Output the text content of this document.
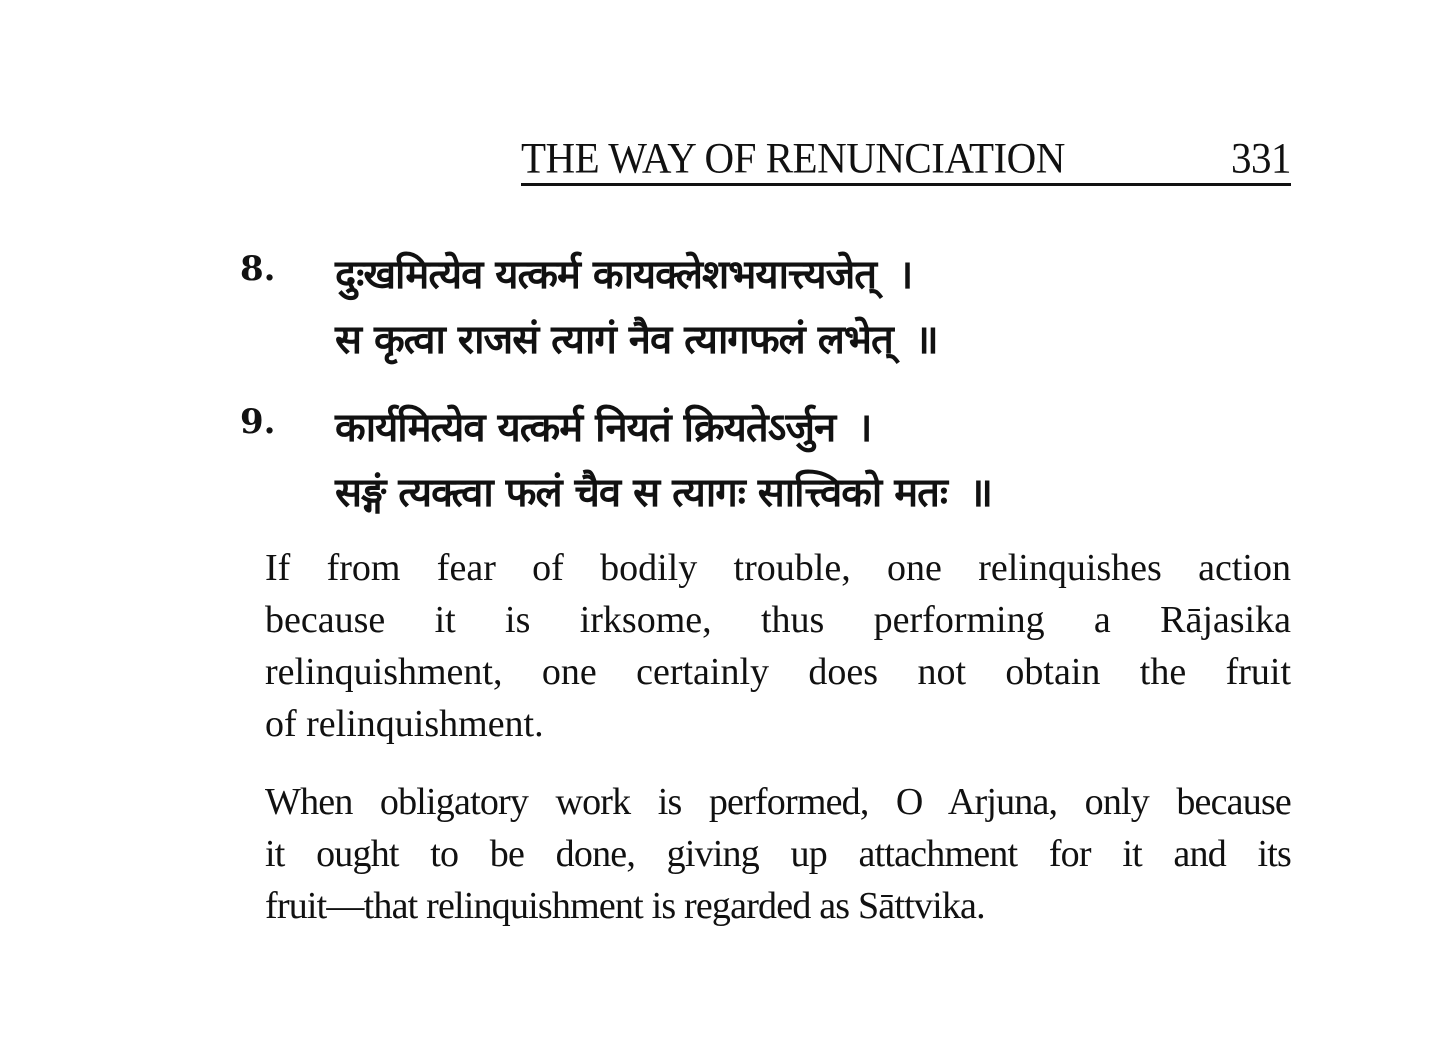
THE WAY OF RENUNCIATION	331
8. दुःखमित्येव यत्कर्म कायक्लेशभयात्त्यजेत् ।
स कृत्वा राजसं त्यागं नैव त्यागफलं लभेत् ॥
9. कार्यमित्येव यत्कर्म नियतं क्रियतेऽर्जुन ।
सङ्गं त्यक्त्वा फलं चैव स त्यागः सात्त्विको मतः ॥
If from fear of bodily trouble, one relinquishes action
because it is irksome, thus performing a Rājasika
relinquishment, one certainly does not obtain the fruit
of relinquishment.
When obligatory work is performed, O Arjuna, only because
it ought to be done, giving up attachment for it and its
fruit—that relinquishment is regarded as Sāttvika.
